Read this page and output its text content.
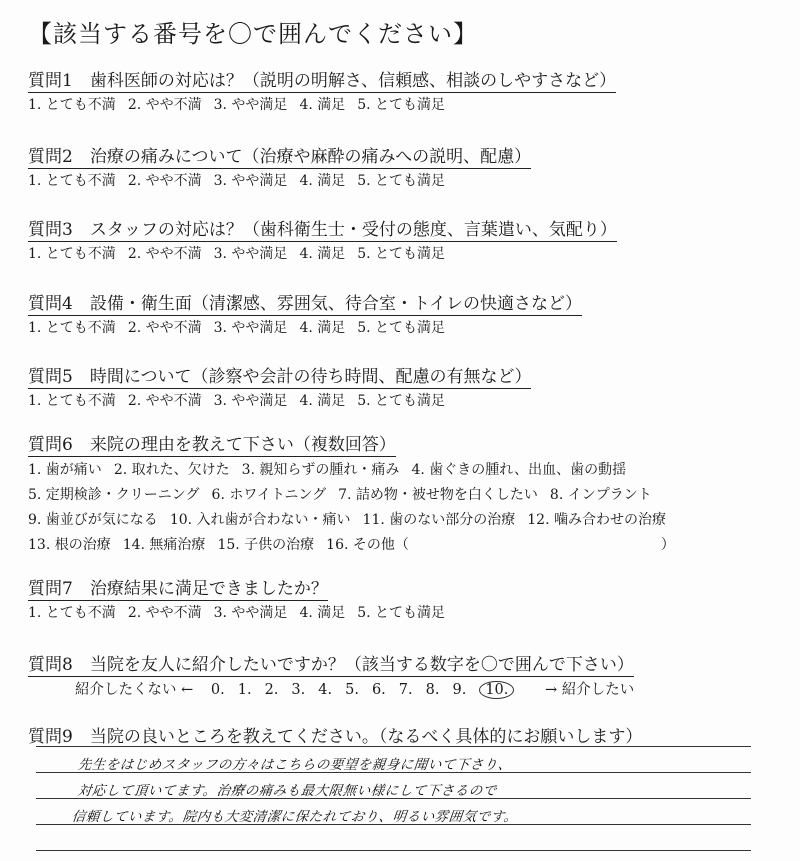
【該当する番号を〇で囲んでください】
質問1　歯科医師の対応は？（説明の明解さ、信頼感、相談のしやすさなど）
1. とても不満 2. やや不満 3. やや満足 4. 満足 5. とても満足
質問2　治療の痛みについて（治療や麻酔の痛みへの説明、配慮）
1. とても不満 2. やや不満 3. やや満足 4. 満足 5. とても満足
質問3　スタッフの対応は？（歯科衛生士・受付の態度、言葉遣い、気配り）
1. とても不満 2. やや不満 3. やや満足 4. 満足 5. とても満足
質問4　設備・衛生面（清潔感、雰囲気、待合室・トイレの快適さなど）
1. とても不満 2. やや不満 3. やや満足 4. 満足 5. とても満足
質問5　時間について（診察や会計の待ち時間、配慮の有無など）
1. とても不満 2. やや不満 3. やや満足 4. 満足 5. とても満足
質問6　来院の理由を教えて下さい（複数回答）
1. 歯が痛い 2. 取れた、欠けた 3. 親知らずの腫れ・痛み 4. 歯ぐきの腫れ、出血、歯の動揺
5. 定期検診・クリーニング 6. ホワイトニング 7. 詰め物・被せ物を白くしたい 8. インプラント
9. 歯並びが気になる 10. 入れ歯が合わない・痛い 11. 歯のない部分の治療 12. 噛み合わせの治療
13. 根の治療 14. 無痛治療 15. 子供の治療 16. その他（　　　　　　　　　　　　　　　　　　）
質問7　治療結果に満足できましたか？
1. とても不満 2. やや不満 3. やや満足 4. 満足 5. とても満足
質問8　当院を友人に紹介したいですか？（該当する数字を〇で囲んで下さい）
紹介したくない ← 0. 1. 2. 3. 4. 5. 6. 7. 8. 9. 10.	→ 紹介したい
質問9　当院の良いところを教えてください。（なるべく具体的にお願いします）
先生をはじめスタッフの方々はこちらの要望を親身に聞いて下さり、
対応して頂いてます。治療の痛みも最大限無い様にして下さるので
信頼しています。院内も大変清潔に保たれており、明るい雰囲気です。
